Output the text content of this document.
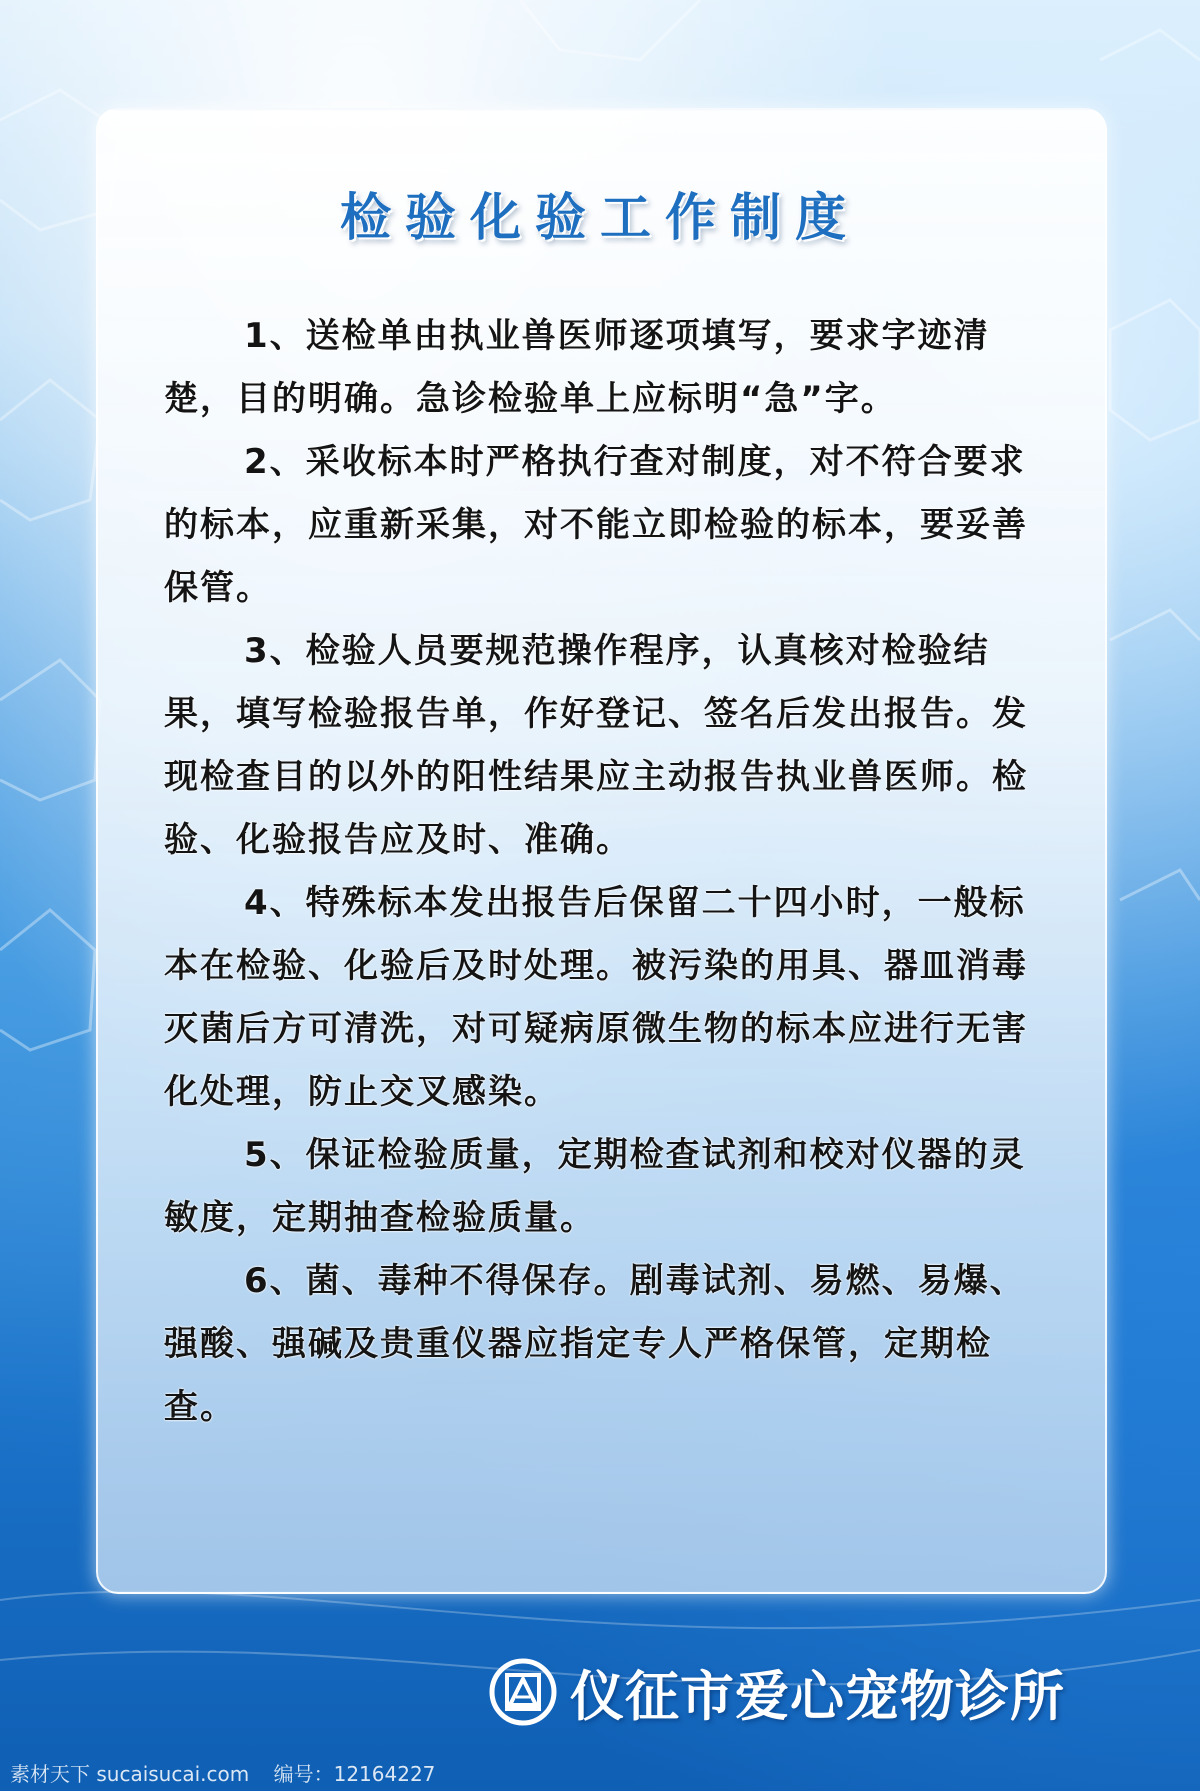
检验化验工作制度

1、送检单由执业兽医师逐项填写，要求字迹清楚，目的明确。急诊检验单上应标明“急”字。

2、采收标本时严格执行查对制度，对不符合要求的标本，应重新采集，对不能立即检验的标本，要妥善保管。

3、检验人员要规范操作程序，认真核对检验结果，填写检验报告单，作好登记、签名后发出报告。发现检查目的以外的阳性结果应主动报告执业兽医师。检验、化验报告应及时、准确。

4、特殊标本发出报告后保留二十四小时，一般标本在检验、化验后及时处理。被污染的用具、器皿消毒灭菌后方可清洗，对可疑病原微生物的标本应进行无害化处理，防止交叉感染。

5、保证检验质量，定期检查试剂和校对仪器的灵敏度，定期抽查检验质量。

6、菌、毒种不得保存。剧毒试剂、易燃、易爆、强酸、强碱及贵重仪器应指定专人严格保管，定期检查。

仪征市爱心宠物诊所
素材天下 sucaisucai.com 编号：12164227
